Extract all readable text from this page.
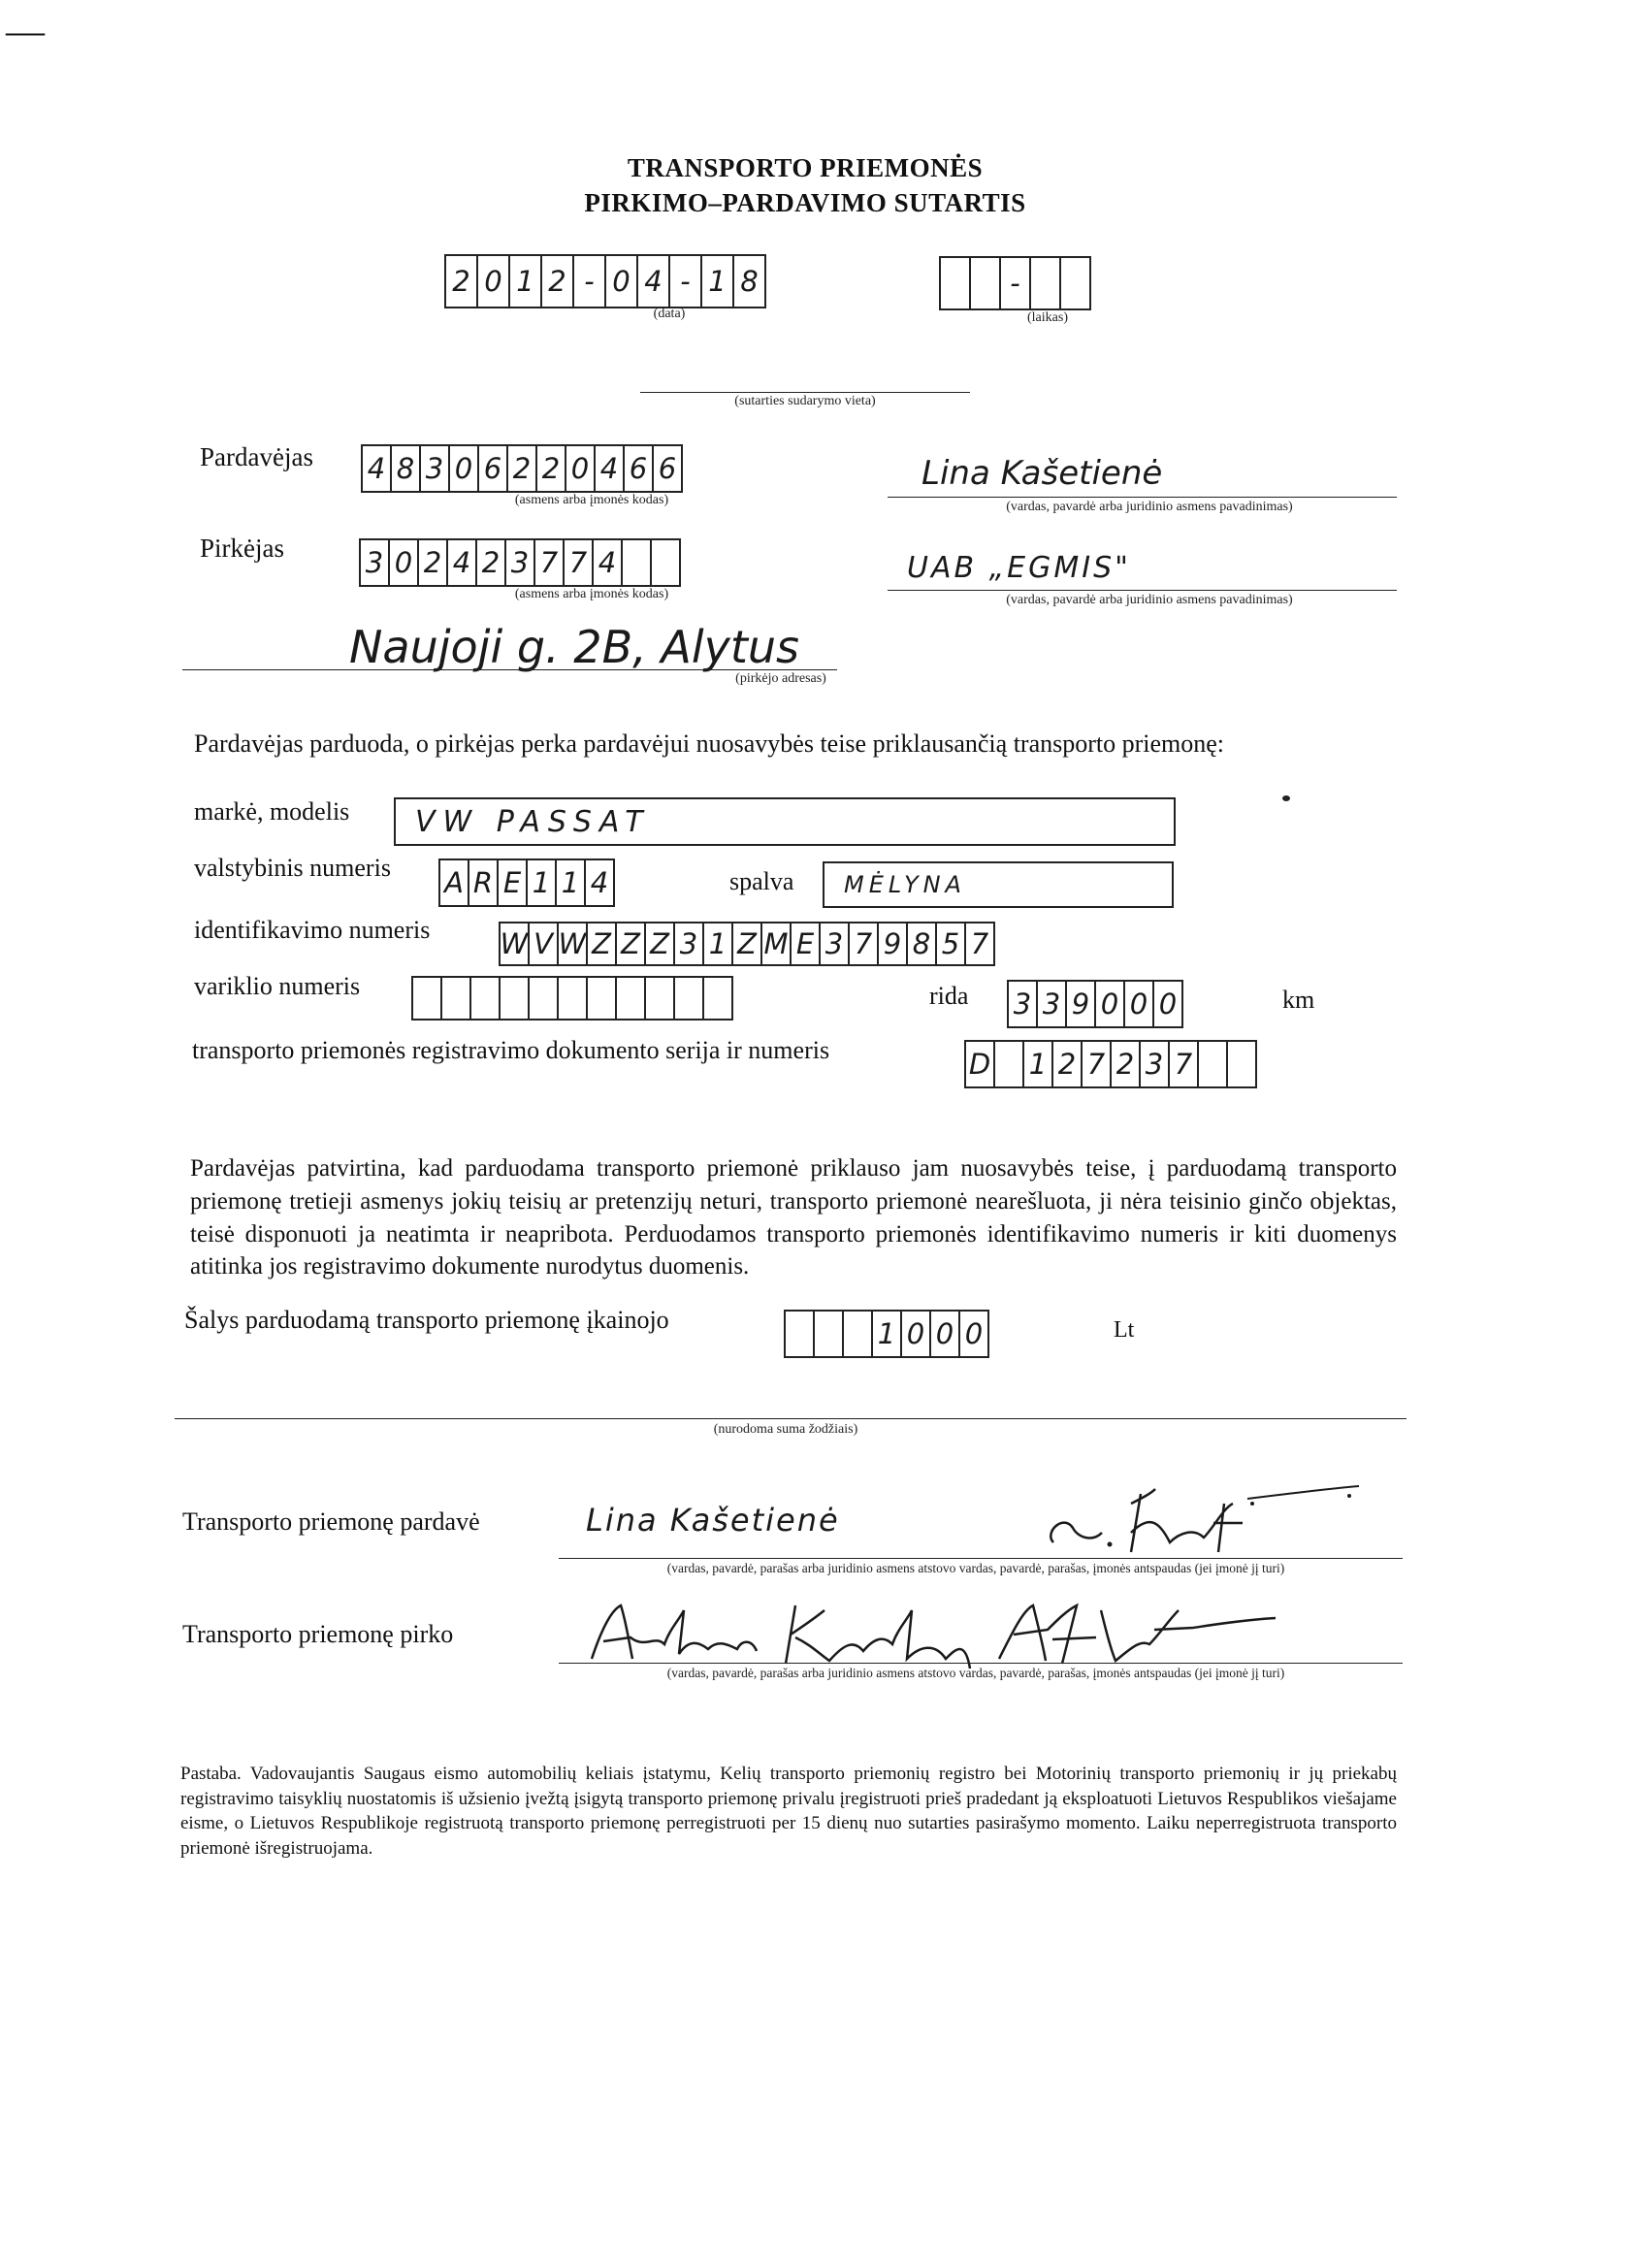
—
TRANSPORTO PRIEMONĖS
PIRKIMO–PARDAVIMO SUTARTIS
2 0 1 2 - 0 4 - 1 8
(data)
-
(laikas)
(sutarties sudarymo vieta)
Pardavėjas 4 8 3 0 6 2 2 0 4 6 6
(asmens arba įmonės kodas)
Lina Kašetienė
(vardas, pavardė arba juridinio asmens pavadinimas)
Pirkėjas	3 0 2 4 2 3 7 7 4
(asmens arba įmonės kodas)
UAB „EGMIS"
(vardas, pavardė arba juridinio asmens pavadinimas)
Naujoji g. 2B, Alytus
(pirkėjo adresas)
Pardavėjas parduoda, o pirkėjas perka pardavėjui nuosavybės teise priklausančią transporto priemonę:
markė, modelis VW PASSAT
valstybinis numeris A R E 1 1 4	spalva MĖLYNA
identifikavimo numeris W V W Z Z Z 3 1 Z M E 3 7 9 8 5 7
variklio numeris	rida 3 3 9 0 0 0	km
transporto priemonės registravimo dokumento serija ir numeris	D 1 2 7 2 3 7
Pardavėjas patvirtina, kad parduodama transporto priemonė priklauso jam nuosavybės teise, į parduodamą transporto priemonę tretieji asmenys jokių teisių ar pretenzijų neturi, transporto priemonė nearešluota, ji nėra teisinio ginčo objektas, teisė disponuoti ja neatimta ir neapribota. Perduodamos transporto priemonės identifikavimo numeris ir kiti duomenys atitinka jos registravimo dokumente nurodytus duomenis.
Šalys parduodamą transporto priemonę įkainojo	1 0 0 0	Lt
(nurodoma suma žodžiais)
Transporto priemonę pardavė	Lina Kašetienė
(vardas, pavardė, parašas arba juridinio asmens atstovo vardas, pavardė, parašas, įmonės antspaudas (jei įmonė jį turi)
Transporto priemonę pirko
(vardas, pavardė, parašas arba juridinio asmens atstovo vardas, pavardė, parašas, įmonės antspaudas (jei įmonė jį turi)
Pastaba. Vadovaujantis Saugaus eismo automobilių keliais įstatymu, Kelių transporto priemonių registro bei Motorinių transporto priemonių ir jų priekabų registravimo taisyklių nuostatomis iš užsienio įvežtą įsigytą transporto priemonę privalu įregistruoti prieš pradedant ją eksploatuoti Lietuvos Respublikos viešajame eisme, o Lietuvos Respublikoje registruotą transporto priemonę perregistruoti per 15 dienų nuo sutarties pasirašymo momento. Laiku neperregistruota transporto priemonė išregistruojama.
